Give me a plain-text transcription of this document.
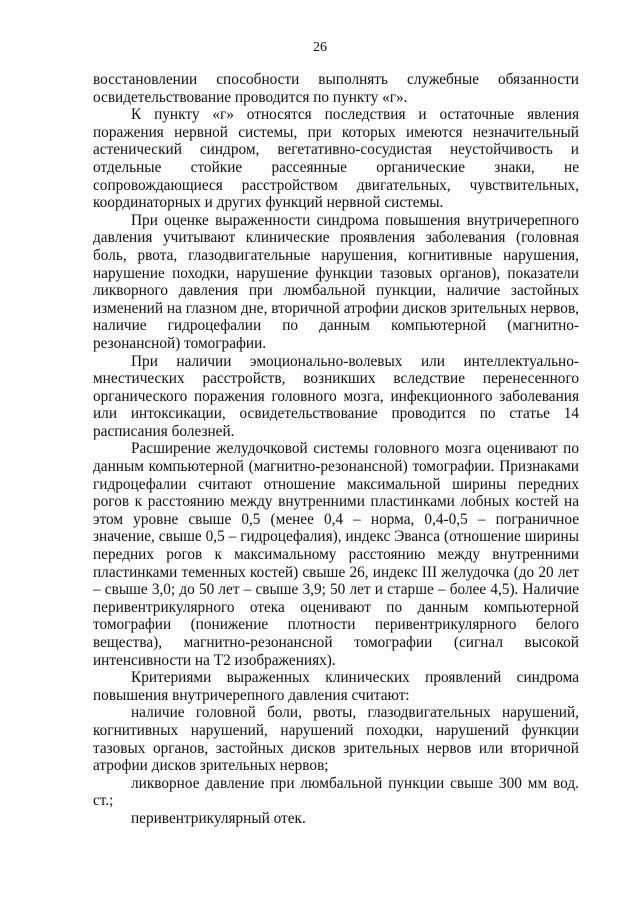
26

восстановлении способности выполнять служебные обязанности освидетельствование проводится по пункту «г».

К пункту «г» относятся последствия и остаточные явления поражения нервной системы, при которых имеются незначительный астенический синдром, вегетативно-сосудистая неустойчивость и отдельные стойкие рассеянные органические знаки, не сопровождающиеся расстройством двигательных, чувствительных, координаторных и других функций нервной системы.

При оценке выраженности синдрома повышения внутричерепного давления учитывают клинические проявления заболевания (головная боль, рвота, глазодвигательные нарушения, когнитивные нарушения, нарушение походки, нарушение функции тазовых органов), показатели ликворного давления при люмбальной пункции, наличие застойных изменений на глазном дне, вторичной атрофии дисков зрительных нервов, наличие гидроцефалии по данным компьютерной (магнитно-резонансной) томографии.

При наличии эмоционально-волевых или интеллектуально-мнестических расстройств, возникших вследствие перенесенного органического поражения головного мозга, инфекционного заболевания или интоксикации, освидетельствование проводится по статье 14 расписания болезней.

Расширение желудочковой системы головного мозга оценивают по данным компьютерной (магнитно-резонансной) томографии. Признаками гидроцефалии считают отношение максимальной ширины передних рогов к расстоянию между внутренними пластинками лобных костей на этом уровне свыше 0,5 (менее 0,4 – норма, 0,4-0,5 – пограничное значение, свыше 0,5 – гидроцефалия), индекс Эванса (отношение ширины передних рогов к максимальному расстоянию между внутренними пластинками теменных костей) свыше 26, индекс III желудочка (до 20 лет – свыше 3,0; до 50 лет – свыше 3,9; 50 лет и старше – более 4,5). Наличие перивентрикулярного отека оценивают по данным компьютерной томографии (понижение плотности перивентрикулярного белого вещества), магнитно-резонансной томографии (сигнал высокой интенсивности на Т2 изображениях).

Критериями выраженных клинических проявлений синдрома повышения внутричерепного давления считают:

наличие головной боли, рвоты, глазодвигательных нарушений, когнитивных нарушений, нарушений походки, нарушений функции тазовых органов, застойных дисков зрительных нервов или вторичной атрофии дисков зрительных нервов;

ликворное давление при люмбальной пункции свыше 300 мм вод. ст.;

перивентрикулярный отек.
